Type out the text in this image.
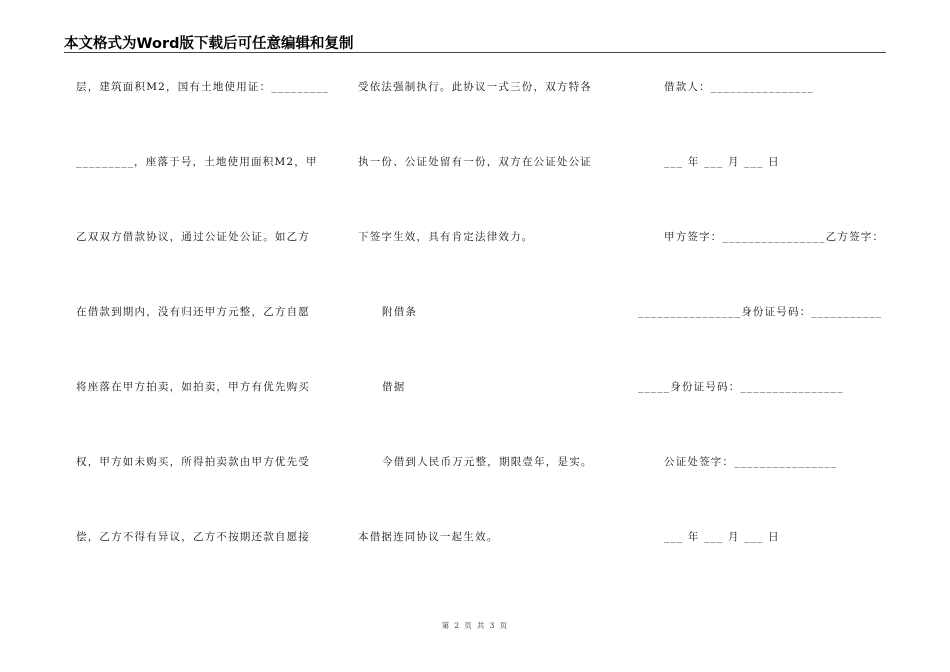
本文格式为Word版下载后可任意编辑和复制
层，建筑面积M2，国有土地使用证：_________
_________，座落于号，土地使用面积M2，甲
乙双双方借款协议，通过公证处公证。如乙方
在借款到期内，没有归还甲方元整，乙方自愿
将座落在甲方拍卖，如拍卖，甲方有优先购买
权，甲方如未购买，所得拍卖款由甲方优先受
偿，乙方不得有异议，乙方不按期还款自愿接
受依法强制执行。此协议一式三份，双方特各
执一份、公证处留有一份，双方在公证处公证
下签字生效，具有肯定法律效力。
附借条
借据
今借到人民币万元整，期限壹年，是实。
本借据连同协议一起生效。
借款人：________________
___ 年 ___ 月 ___ 日
甲方签字：________________乙方签字：
________________身份证号码：___________
_____身份证号码：________________
公证处签字：________________
___ 年 ___ 月 ___ 日
第 2 页 共 3 页
